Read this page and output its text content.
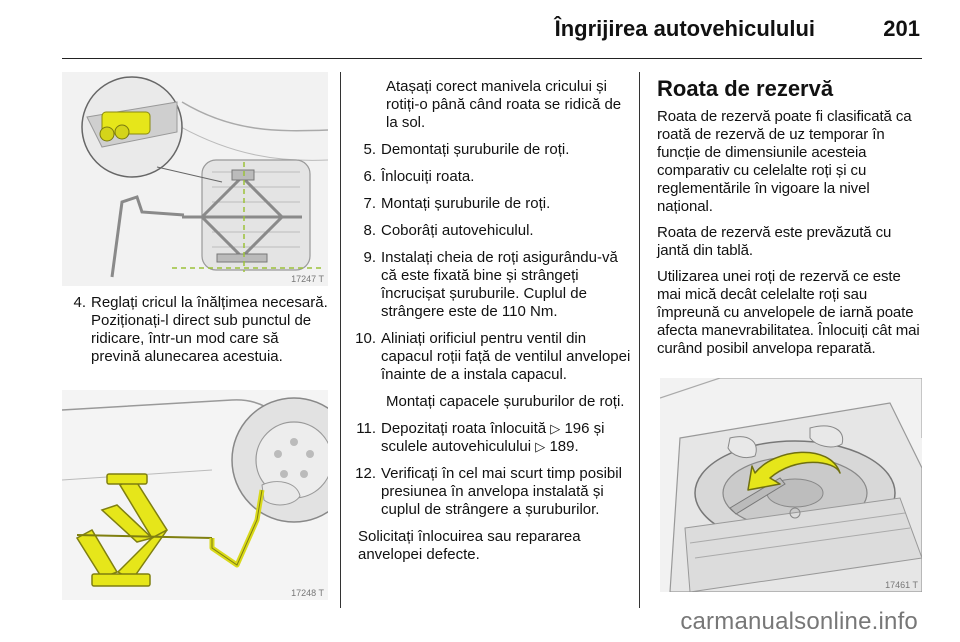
Îngrijirea autovehiculului	201
17247 T
4. Reglați cricul la înălțimea necesară. Poziționați-l direct sub punctul de ridicare, într-un mod care să prevină alunecarea acestuia.
17248 T

Atașați corect manivela cricului și rotiți-o până când roata se ridică de la sol.

5. Demontați șuruburile de roți.
6. Înlocuiți roata.
7. Montați șuruburile de roți.
8. Coborâți autovehiculul.
9. Instalați cheia de roți asigurându-vă că este fixată bine și strângeți încrucișat șuruburile. Cuplul de strângere este de 110 Nm.
10. Aliniați orificiul pentru ventil din capacul roții față de ventilul anvelopei înainte de a instala capacul.

Montați capacele șuruburilor de roți.

11. Depozitați roata înlocuită ▷ 196 și sculele autovehiculului ▷ 189.
12. Verificați în cel mai scurt timp posibil presiunea în anvelopa instalată și cuplul de strângere a șuruburilor.

Solicitați înlocuirea sau repararea anvelopei defecte.

Roata de rezervă

Roata de rezervă poate fi clasificată ca roată de rezervă de uz temporar în funcție de dimensiunile acesteia comparativ cu celelalte roți și cu reglementările în vigoare la nivel național.

Roata de rezervă este prevăzută cu jantă din tablă.

Utilizarea unei roți de rezervă ce este mai mică decât celelalte roți sau împreună cu anvelopele de iarnă poate afecta manevrabilitatea. Înlocuiți cât mai curând posibil anvelopa reparată.

17461 T
carmanualsonline.info
